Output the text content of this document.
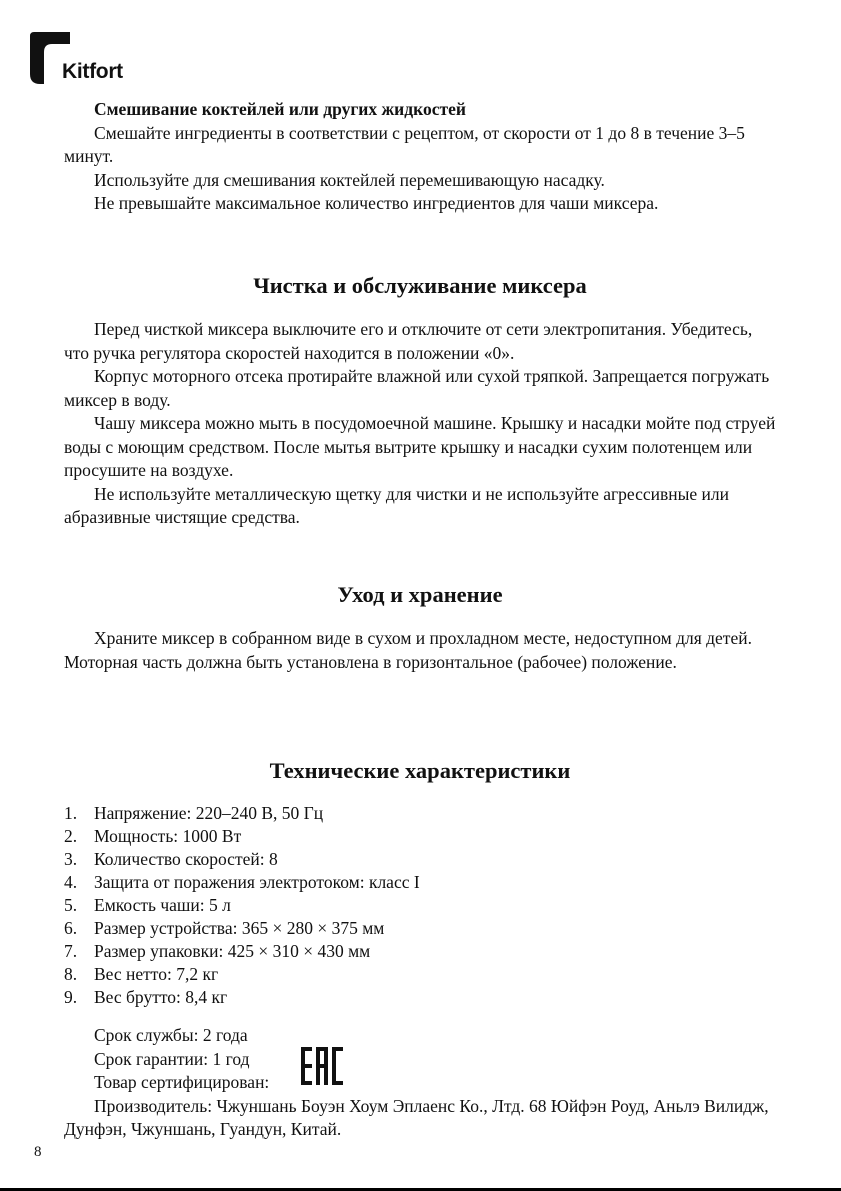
Kitfort
Смешивание коктейлей или других жидкостей
Смешайте ингредиенты в соответствии с рецептом, от скорости от 1 до 8 в течение 3–5 минут.
Используйте для смешивания коктейлей перемешивающую насадку.
Не превышайте максимальное количество ингредиентов для чаши миксера.
Чистка и обслуживание миксера
Перед чисткой миксера выключите его и отключите от сети электропитания. Убедитесь, что ручка регулятора скоростей находится в положении «0».
Корпус моторного отсека протирайте влажной или сухой тряпкой. Запрещается погружать миксер в воду.
Чашу миксера можно мыть в посудомоечной машине. Крышку и насадки мойте под струей воды с моющим средством. После мытья вытрите крышку и насадки сухим полотенцем или просушите на воздухе.
Не используйте металлическую щетку для чистки и не используйте агрессивные или абразивные чистящие средства.
Уход и хранение
Храните миксер в собранном виде в сухом и прохладном месте, недоступном для детей. Моторная часть должна быть установлена в горизонтальное (рабочее) положение.
Технические характеристики
1. Напряжение: 220–240 В, 50 Гц
2. Мощность: 1000 Вт
3. Количество скоростей: 8
4. Защита от поражения электротоком: класс I
5. Емкость чаши: 5 л
6. Размер устройства: 365 × 280 × 375 мм
7. Размер упаковки: 425 × 310 × 430 мм
8. Вес нетто: 7,2 кг
9. Вес брутто: 8,4 кг
Срок службы: 2 года
Срок гарантии: 1 год
Товар сертифицирован:
Производитель: Чжуншань Боуэн Хоум Эплаенс Ко., Лтд. 68 Юйфэн Роуд, Аньлэ Вилидж, Дунфэн, Чжуншань, Гуандун, Китай.
8
